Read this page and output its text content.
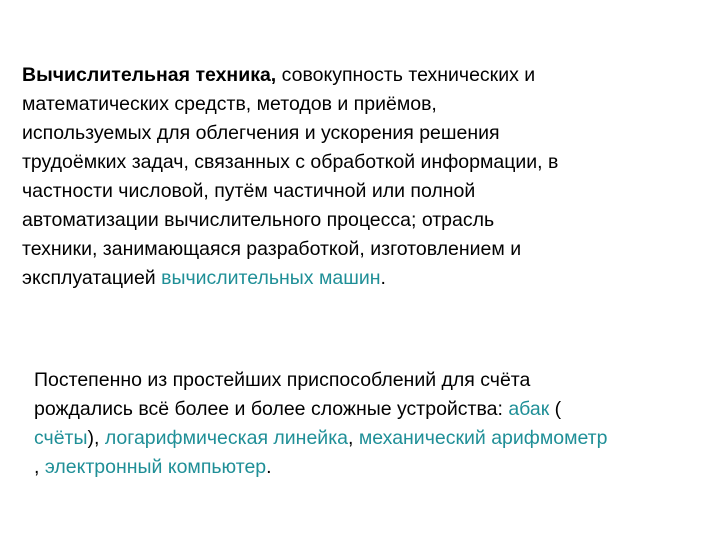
Вычислительная техника, совокупность технических и
математических средств, методов и приёмов,
используемых для облегчения и ускорения решения
трудоёмких задач, связанных с обработкой информации, в
частности числовой, путём частичной или полной
автоматизации вычислительного процесса; отрасль
техники, занимающаяся разработкой, изготовлением и
эксплуатацией вычислительных машин.

Постепенно из простейших приспособлений для счёта
рождались всё более и более сложные устройства: абак (
счёты), логарифмическая линейка, механический арифмометр
, электронный компьютер.
